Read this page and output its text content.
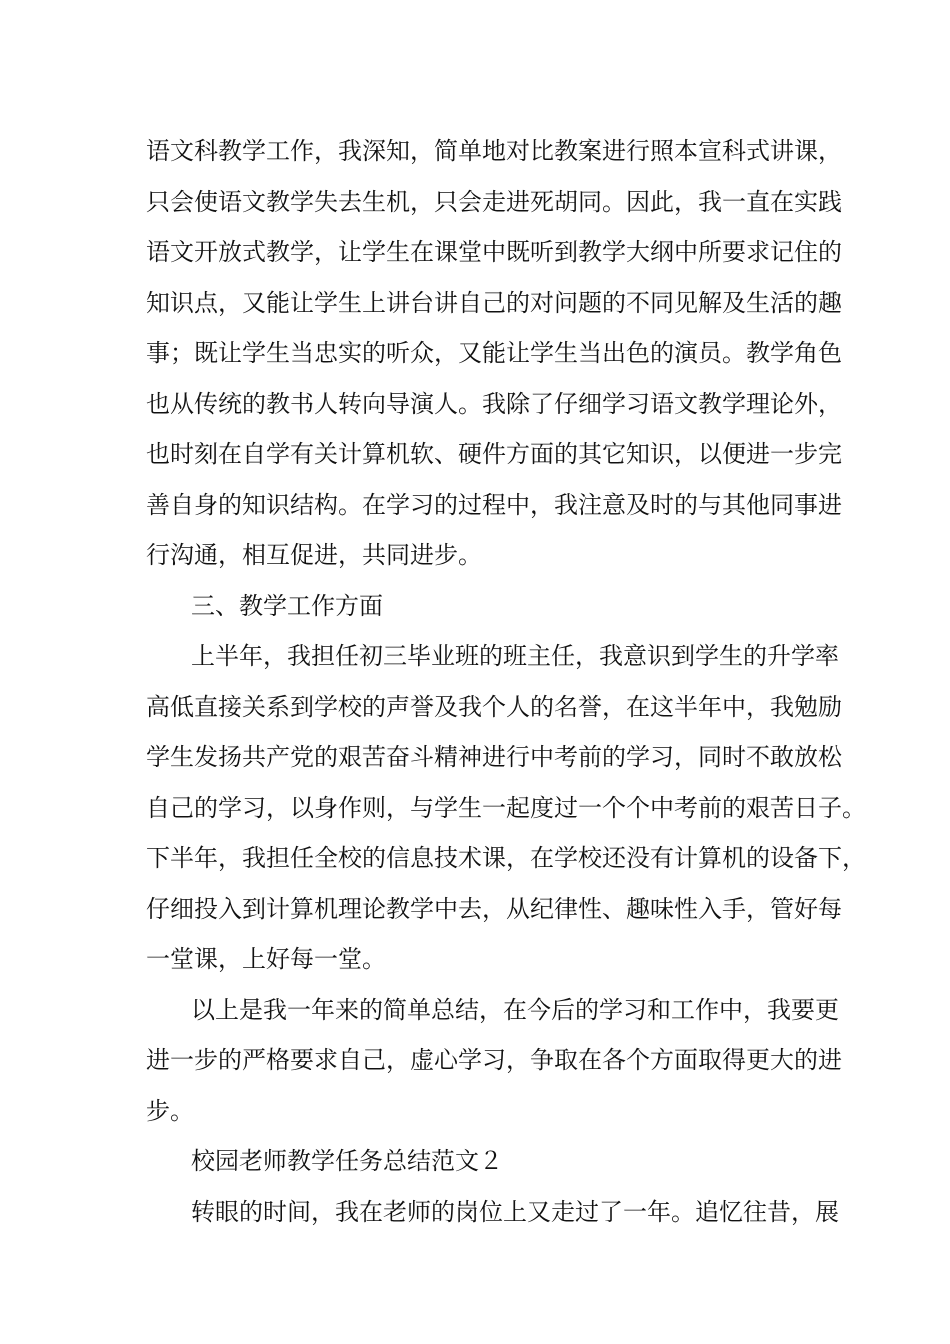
语文科教学工作，我深知，简单地对比教案进行照本宣科式讲课，
只会使语文教学失去生机，只会走进死胡同。因此，我一直在实践
语文开放式教学，让学生在课堂中既听到教学大纲中所要求记住的
知识点，又能让学生上讲台讲自己的对问题的不同见解及生活的趣
事；既让学生当忠实的听众，又能让学生当出色的演员。教学角色
也从传统的教书人转向导演人。我除了仔细学习语文教学理论外，
也时刻在自学有关计算机软、硬件方面的其它知识，以便进一步完
善自身的知识结构。在学习的过程中，我注意及时的与其他同事进
行沟通，相互促进，共同进步。
三、教学工作方面
上半年，我担任初三毕业班的班主任，我意识到学生的升学率
高低直接关系到学校的声誉及我个人的名誉，在这半年中，我勉励
学生发扬共产党的艰苦奋斗精神进行中考前的学习，同时不敢放松
自己的学习，以身作则，与学生一起度过一个个中考前的艰苦日子。
下半年，我担任全校的信息技术课，在学校还没有计算机的设备下，
仔细投入到计算机理论教学中去，从纪律性、趣味性入手，管好每
一堂课，上好每一堂。
以上是我一年来的简单总结，在今后的学习和工作中，我要更
进一步的严格要求自己，虚心学习，争取在各个方面取得更大的进
步。
校园老师教学任务总结范文２
转眼的时间，我在老师的岗位上又走过了一年。追忆往昔，展
